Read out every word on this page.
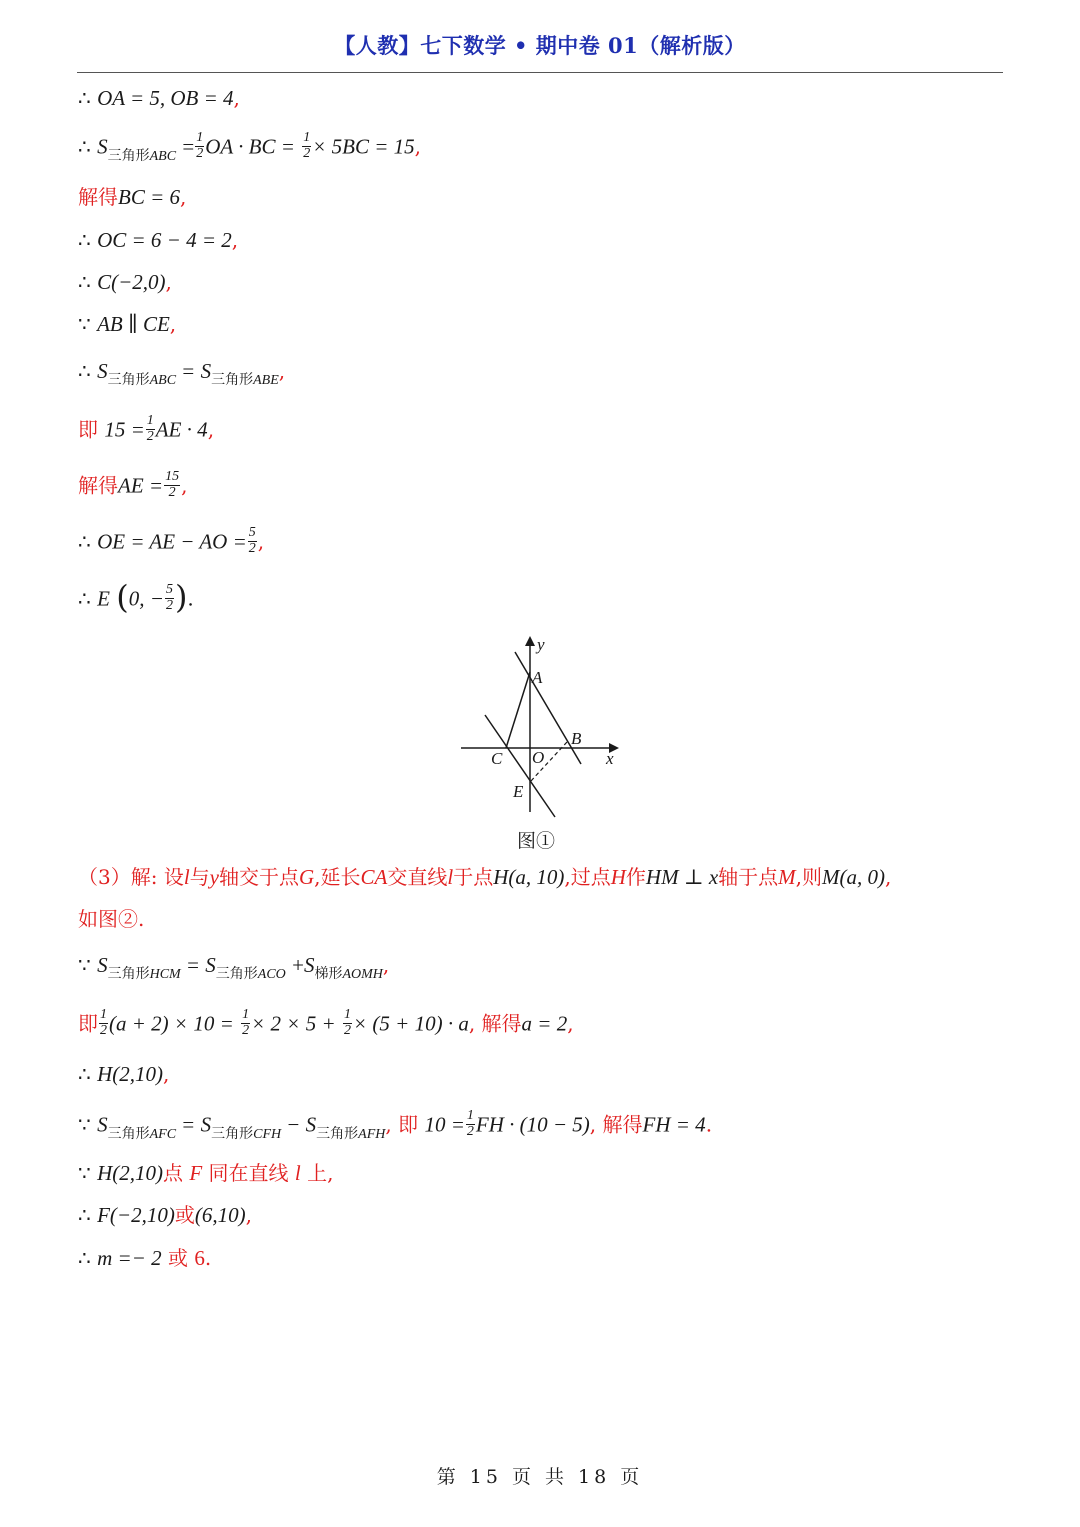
【人教】七下数学 • 期中卷 01（解析版）
∴ OA = 5, OB = 4,
∴ $S_{三角形ABC} = \frac{1}{2}$ OA · BC = $\frac{1}{2} \times 5BC = 15$,
解得BC = 6,
∴ OC = 6 − 4 = 2,
∴ C(−2,0),
∵ AB ∥ CE,
∴ $S_{三角形ABC} = S_{三角形ABE}$,
即 $15 = \frac{1}{2}$ AE · 4,
解得AE = $\frac{15}{2}$ ,
∴ OE = AE − AO = $\frac{5}{2}$ ,
∴ E (0, − $\frac{5}{2}$ ).
y
x
A
B
C O
E
图①
（3）解: 设l与y轴交于点G,延长CA交直线l于点H(a, 10),过点H作HM ⊥ x轴于点M,则M(a, 0),
如图②.
∵ $S_{三角形HCM} = S_{三角形ACO} +S_{梯形AOMH}$,
即 $\frac{1}{2} (a + 2) \times 10 = \frac{1}{2} \times 2 \times 5 + \frac{1}{2} \times (5 + 10) \cdot a$, 解得a = 2,
∴ H(2,10),
∵ $S_{三角形AFC} = S_{三角形CFH} - S_{三角形AFH}$, 即 $10 = \frac{1}{2}$ FH · (10 − 5), 解得FH = 4.
∵ H(2,10)点 F 同在直线 l 上,
∴ F(−2,10)或(6,10),
∴ m =− 2 或 6.
第 15 页 共 18 页
